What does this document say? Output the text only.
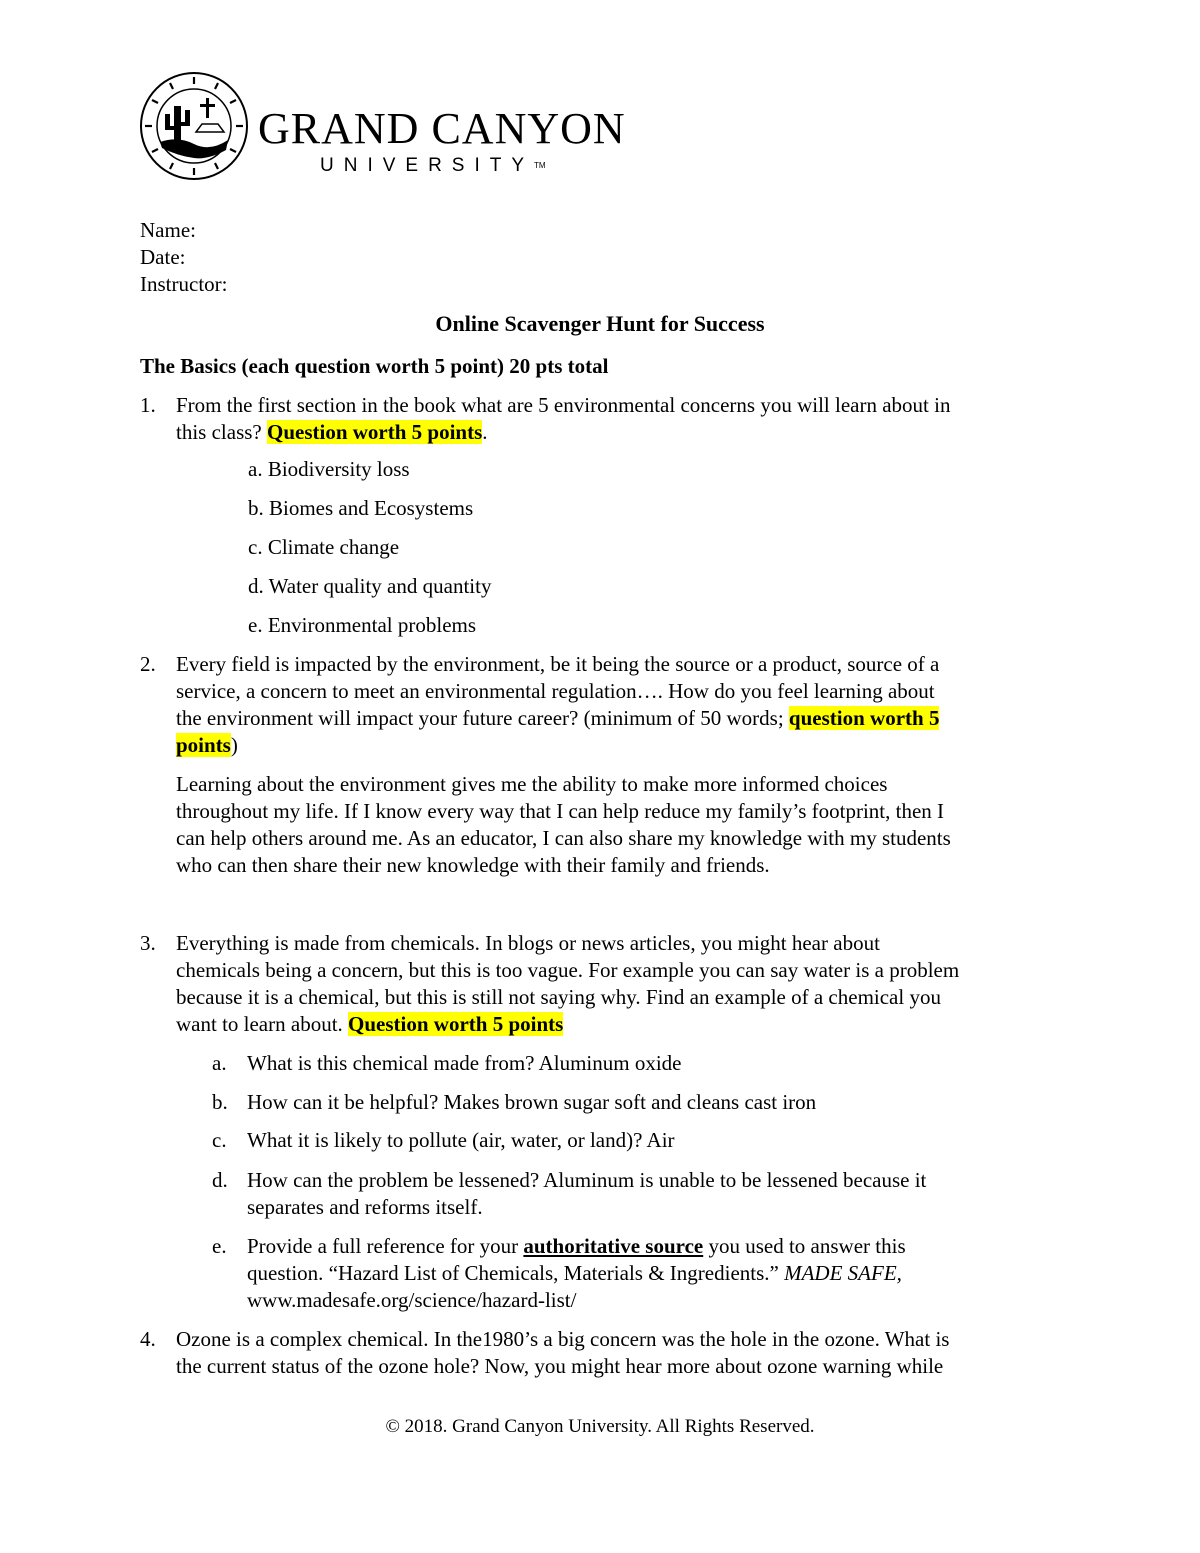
GRAND CANYON
UNIVERSITY™
Name:
Date:
Instructor:
Online Scavenger Hunt for Success
The Basics (each question worth 5 point) 20 pts total
1. From the first section in the book what are 5 environmental concerns you will learn about in
this class? Question worth 5 points.
a. Biodiversity loss
b. Biomes and Ecosystems
c. Climate change
d. Water quality and quantity
e. Environmental problems
2. Every field is impacted by the environment, be it being the source or a product, source of a
service, a concern to meet an environmental regulation…. How do you feel learning about
the environment will impact your future career? (minimum of 50 words; question worth 5
points)
Learning about the environment gives me the ability to make more informed choices
throughout my life. If I know every way that I can help reduce my family’s footprint, then I
can help others around me. As an educator, I can also share my knowledge with my students
who can then share their new knowledge with their family and friends.
3. Everything is made from chemicals. In blogs or news articles, you might hear about
chemicals being a concern, but this is too vague. For example you can say water is a problem
because it is a chemical, but this is still not saying why. Find an example of a chemical you
want to learn about. Question worth 5 points
a. What is this chemical made from? Aluminum oxide
b. How can it be helpful? Makes brown sugar soft and cleans cast iron
c. What it is likely to pollute (air, water, or land)? Air
d. How can the problem be lessened? Aluminum is unable to be lessened because it
separates and reforms itself.
e. Provide a full reference for your authoritative source you used to answer this
question. “Hazard List of Chemicals, Materials & Ingredients.” MADE SAFE,
www.madesafe.org/science/hazard-list/
4. Ozone is a complex chemical. In the1980’s a big concern was the hole in the ozone. What is
the current status of the ozone hole? Now, you might hear more about ozone warning while
© 2018. Grand Canyon University. All Rights Reserved.
